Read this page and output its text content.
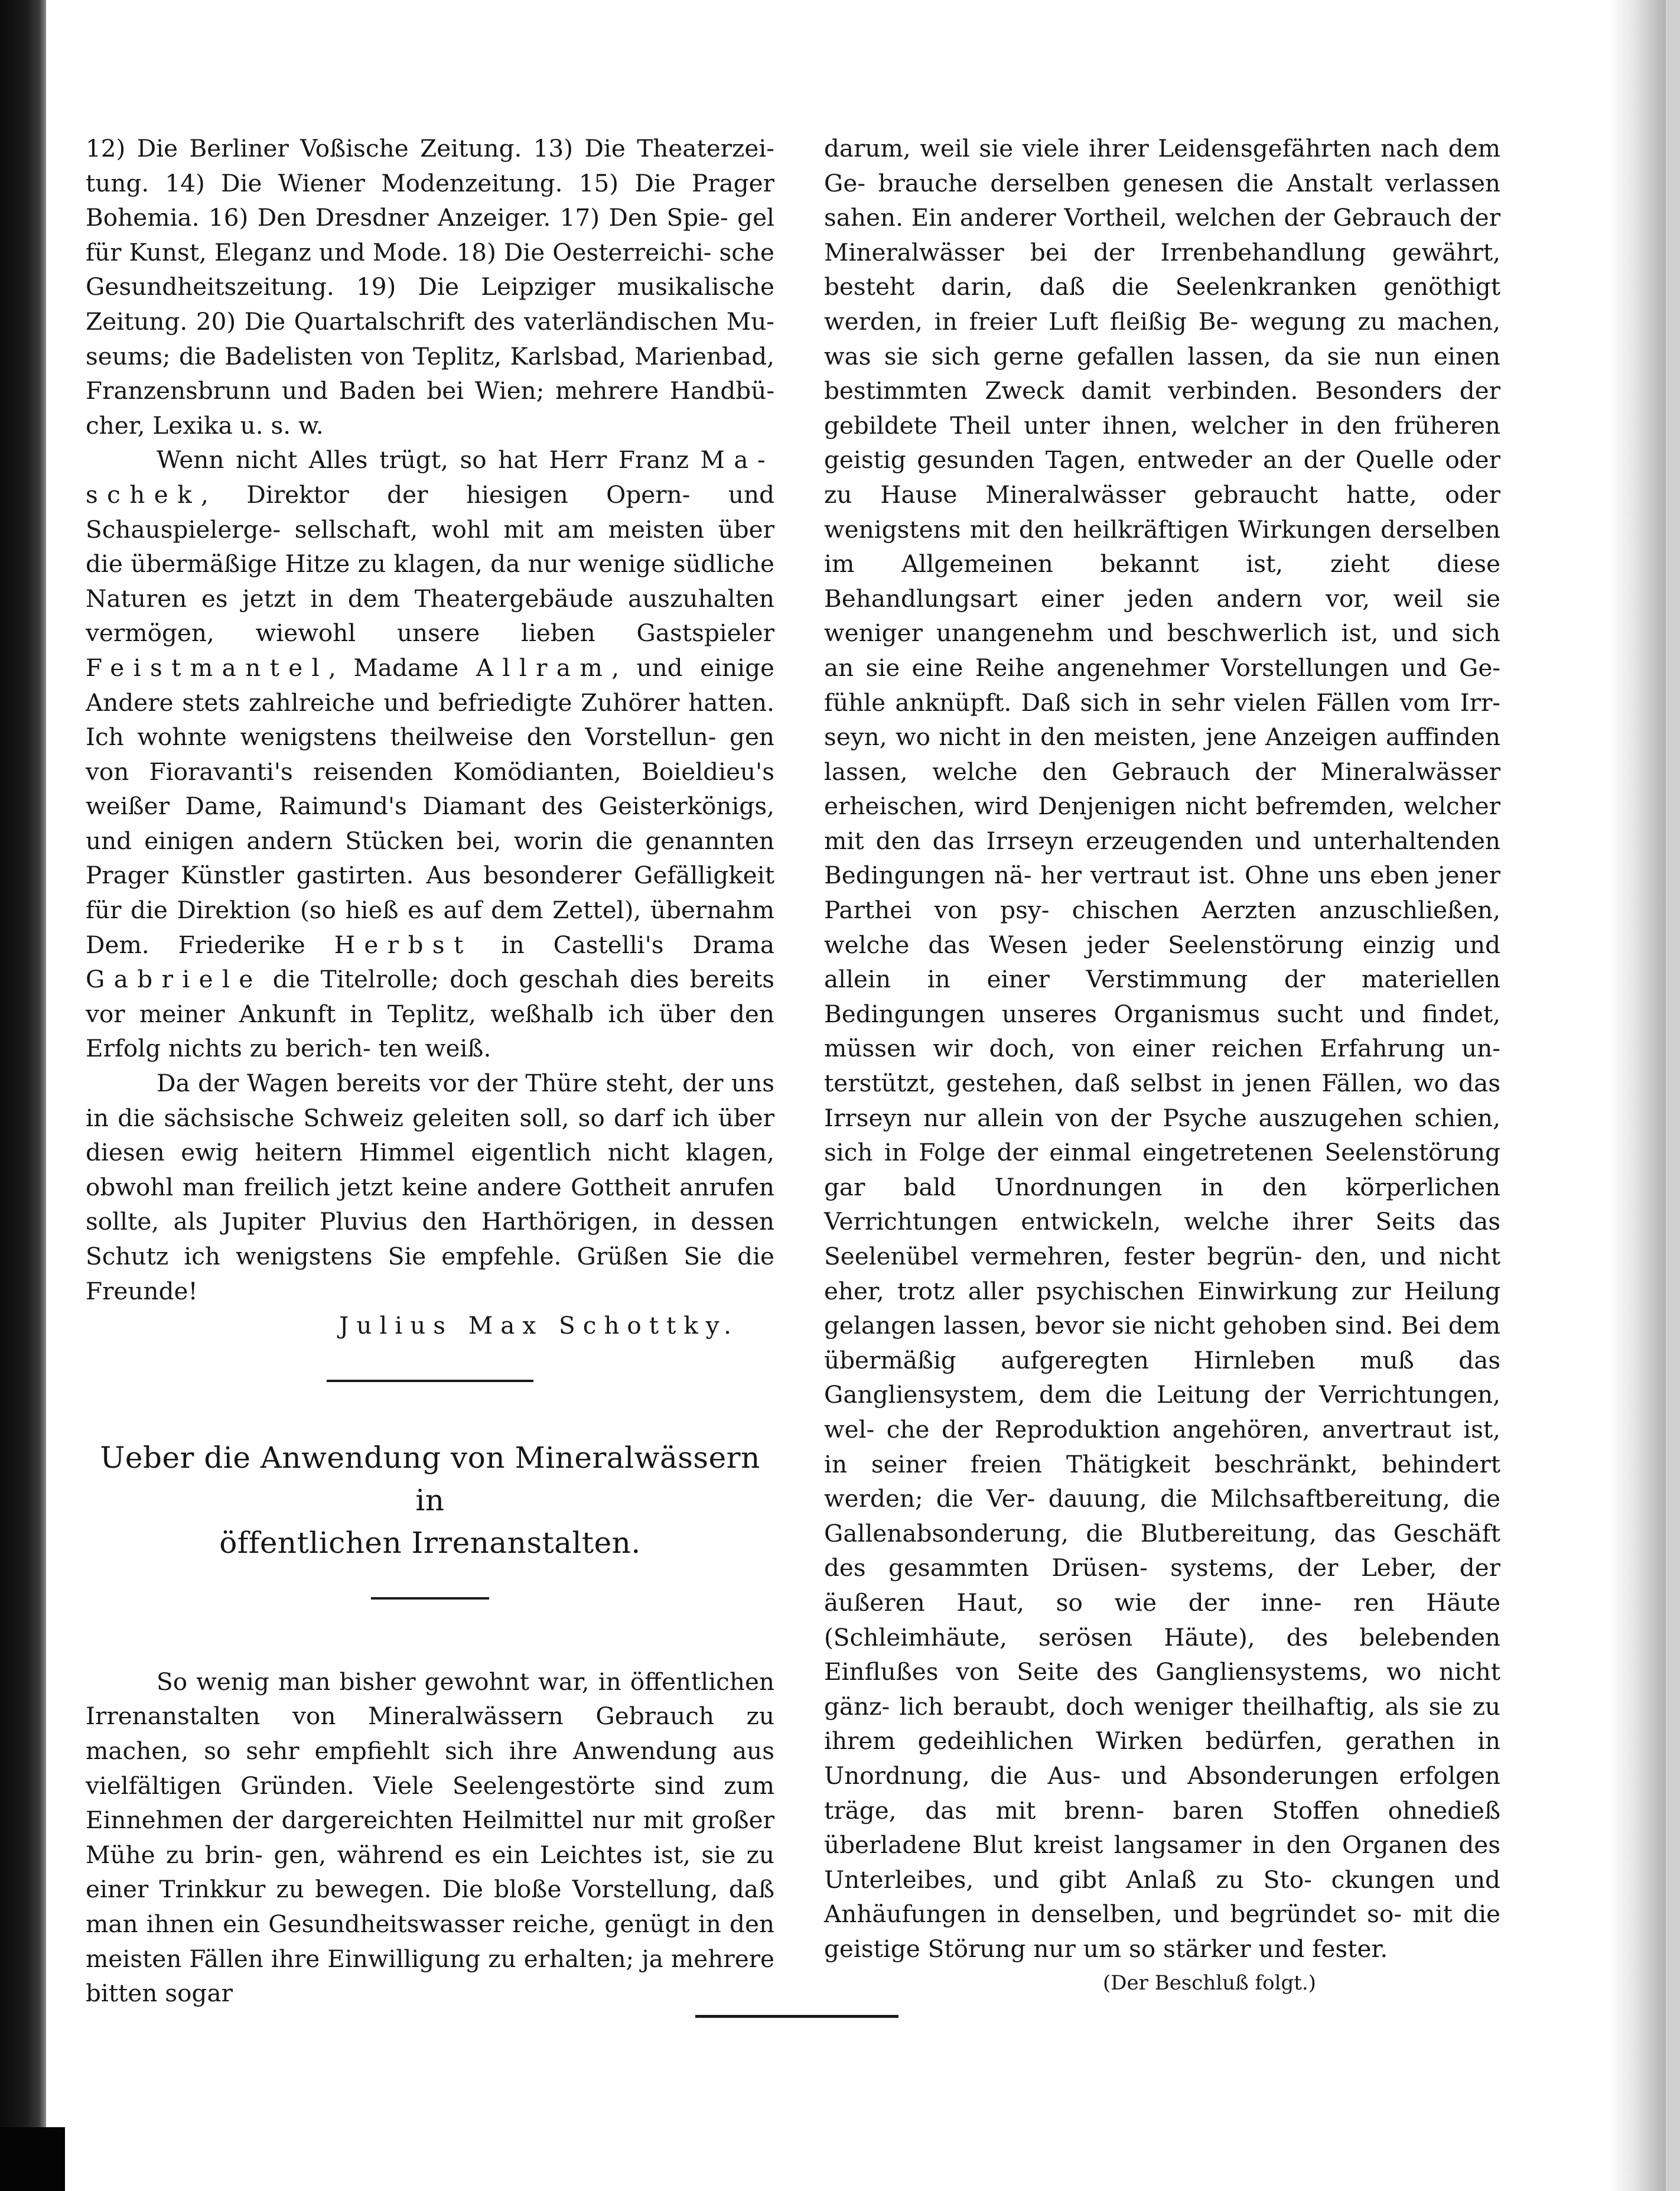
12) Die Berliner Voßische Zeitung. 13) Die Theaterzei- tung. 14) Die Wiener Modenzeitung. 15) Die Prager Bohemia. 16) Den Dresdner Anzeiger. 17) Den Spie- gel für Kunst, Eleganz und Mode. 18) Die Oesterreichi- sche Gesundheitszeitung. 19) Die Leipziger musikalische Zeitung. 20) Die Quartalschrift des vaterländischen Mu- seums; die Badelisten von Teplitz, Karlsbad, Marienbad, Franzensbrunn und Baden bei Wien; mehrere Handbü- cher, Lexika u. s. w.

Wenn nicht Alles trügt, so hat Herr Franz Ma- schek, Direktor der hiesigen Opern- und Schauspielerge- sellschaft, wohl mit am meisten über die übermäßige Hitze zu klagen, da nur wenige südliche Naturen es jetzt in dem Theatergebäude auszuhalten vermögen, wiewohl unsere lieben Gastspieler Feistmantel, Madame Allram, und einige Andere stets zahlreiche und befriedigte Zuhörer hatten. Ich wohnte wenigstens theilweise den Vorstellun- gen von Fioravanti's reisenden Komödianten, Boieldieu's weißer Dame, Raimund's Diamant des Geisterkönigs, und einigen andern Stücken bei, worin die genannten Prager Künstler gastirten. Aus besonderer Gefälligkeit für die Direktion (so hieß es auf dem Zettel), übernahm Dem. Friederike Herbst in Castelli's Drama Gabriele die Titelrolle; doch geschah dies bereits vor meiner Ankunft in Teplitz, weßhalb ich über den Erfolg nichts zu berich- ten weiß.

Da der Wagen bereits vor der Thüre steht, der uns in die sächsische Schweiz geleiten soll, so darf ich über diesen ewig heitern Himmel eigentlich nicht klagen, obwohl man freilich jetzt keine andere Gottheit anrufen sollte, als Jupiter Pluvius den Harthörigen, in dessen Schutz ich wenigstens Sie empfehle. Grüßen Sie die Freunde!

Julius Max Schottky.

Ueber die Anwendung von Mineralwässern in

öffentlichen Irrenanstalten.

So wenig man bisher gewohnt war, in öffentlichen Irrenanstalten von Mineralwässern Gebrauch zu machen, so sehr empfiehlt sich ihre Anwendung aus vielfältigen Gründen. Viele Seelengestörte sind zum Einnehmen der dargereichten Heilmittel nur mit großer Mühe zu brin- gen, während es ein Leichtes ist, sie zu einer Trinkkur zu bewegen. Die bloße Vorstellung, daß man ihnen ein Gesundheitswasser reiche, genügt in den meisten Fällen ihre Einwilligung zu erhalten; ja mehrere bitten sogar

darum, weil sie viele ihrer Leidensgefährten nach dem Ge- brauche derselben genesen die Anstalt verlassen sahen. Ein anderer Vortheil, welchen der Gebrauch der Mineralwässer bei der Irrenbehandlung gewährt, besteht darin, daß die Seelenkranken genöthigt werden, in freier Luft fleißig Be- wegung zu machen, was sie sich gerne gefallen lassen, da sie nun einen bestimmten Zweck damit verbinden. Besonders der gebildete Theil unter ihnen, welcher in den früheren geistig gesunden Tagen, entweder an der Quelle oder zu Hause Mineralwässer gebraucht hatte, oder wenigstens mit den heilkräftigen Wirkungen derselben im Allgemeinen bekannt ist, zieht diese Behandlungsart einer jeden andern vor, weil sie weniger unangenehm und beschwerlich ist, und sich an sie eine Reihe angenehmer Vorstellungen und Ge- fühle anknüpft. Daß sich in sehr vielen Fällen vom Irr- seyn, wo nicht in den meisten, jene Anzeigen auffinden lassen, welche den Gebrauch der Mineralwässer erheischen, wird Denjenigen nicht befremden, welcher mit den das Irrseyn erzeugenden und unterhaltenden Bedingungen nä- her vertraut ist. Ohne uns eben jener Parthei von psy- chischen Aerzten anzuschließen, welche das Wesen jeder Seelenstörung einzig und allein in einer Verstimmung der materiellen Bedingungen unseres Organismus sucht und findet, müssen wir doch, von einer reichen Erfahrung un- terstützt, gestehen, daß selbst in jenen Fällen, wo das Irrseyn nur allein von der Psyche auszugehen schien, sich in Folge der einmal eingetretenen Seelenstörung gar bald Unordnungen in den körperlichen Verrichtungen entwickeln, welche ihrer Seits das Seelenübel vermehren, fester begrün- den, und nicht eher, trotz aller psychischen Einwirkung zur Heilung gelangen lassen, bevor sie nicht gehoben sind. Bei dem übermäßig aufgeregten Hirnleben muß das Gangliensystem, dem die Leitung der Verrichtungen, wel- che der Reproduktion angehören, anvertraut ist, in seiner freien Thätigkeit beschränkt, behindert werden; die Ver- dauung, die Milchsaftbereitung, die Gallenabsonderung, die Blutbereitung, das Geschäft des gesammten Drüsen- systems, der Leber, der äußeren Haut, so wie der inne- ren Häute (Schleimhäute, serösen Häute), des belebenden Einflußes von Seite des Gangliensystems, wo nicht gänz- lich beraubt, doch weniger theilhaftig, als sie zu ihrem gedeihlichen Wirken bedürfen, gerathen in Unordnung, die Aus- und Absonderungen erfolgen träge, das mit brenn- baren Stoffen ohnedieß überladene Blut kreist langsamer in den Organen des Unterleibes, und gibt Anlaß zu Sto- ckungen und Anhäufungen in denselben, und begründet so- mit die geistige Störung nur um so stärker und fester.

(Der Beschluß folgt.)
